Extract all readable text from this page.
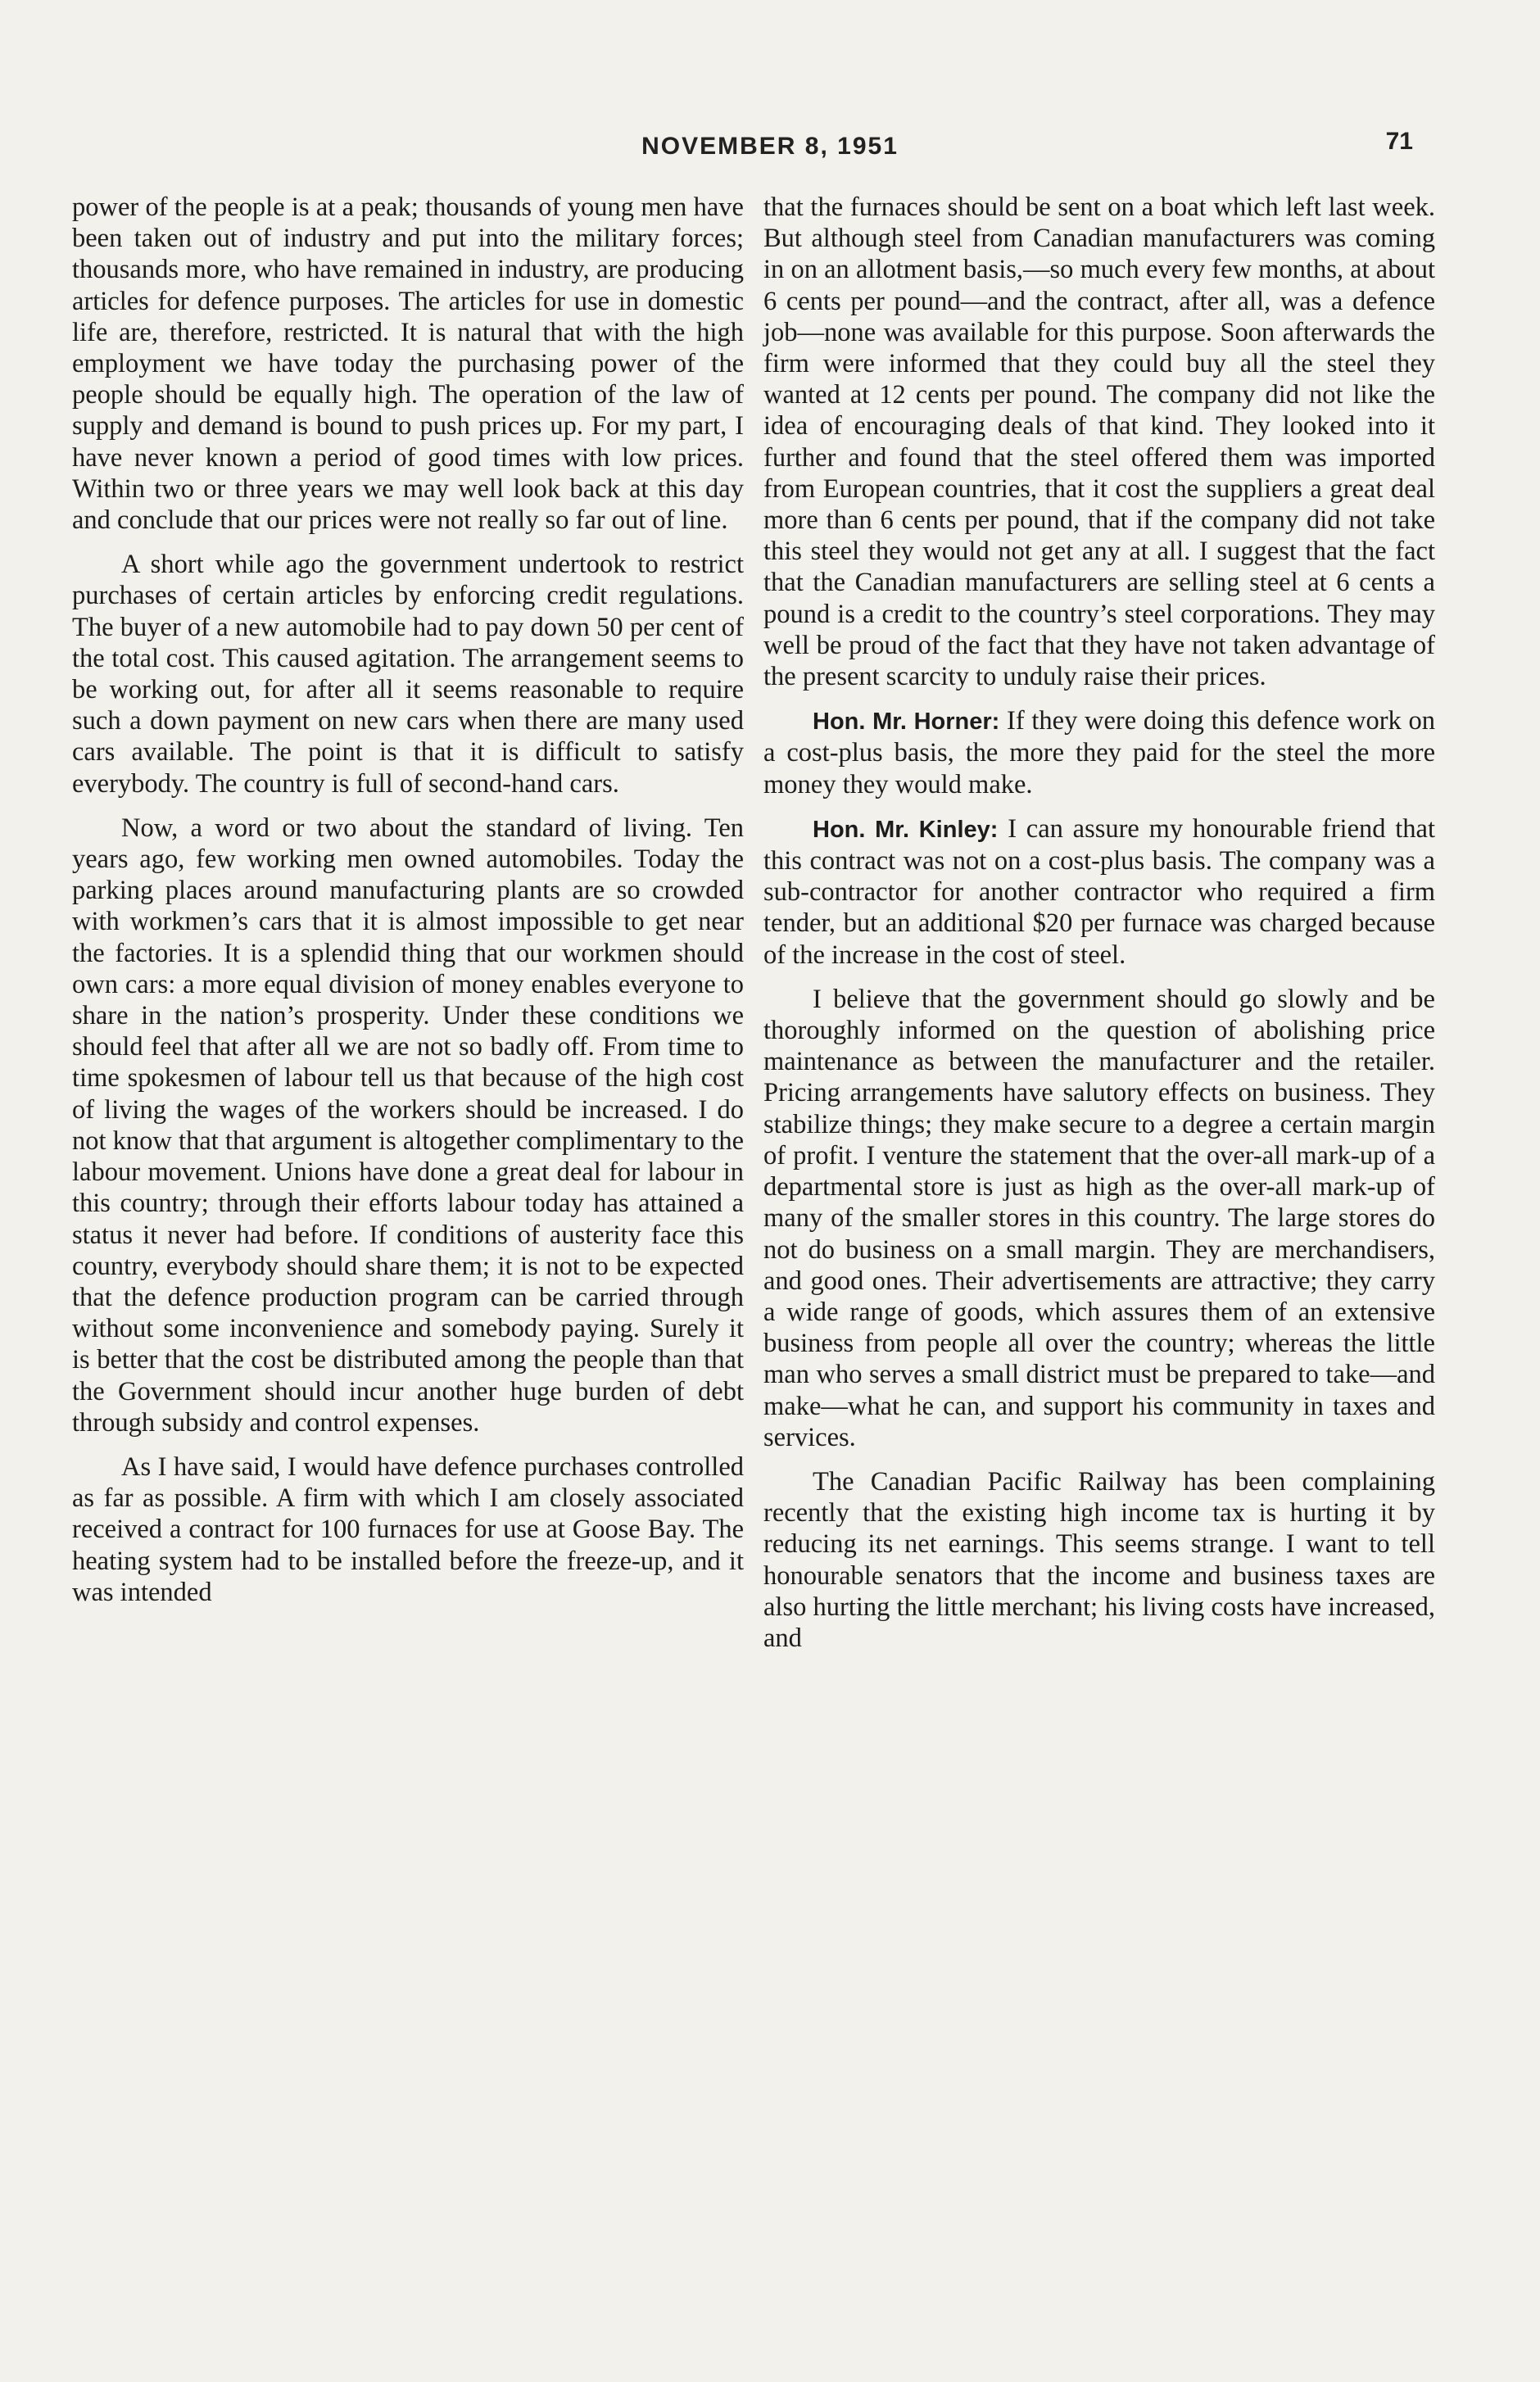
NOVEMBER 8, 1951	71

power of the people is at a peak; thousands of young men have been taken out of industry and put into the military forces; thousands more, who have remained in industry, are producing articles for defence purposes. The articles for use in domestic life are, therefore, restricted. It is natural that with the high employment we have today the purchasing power of the people should be equally high. The operation of the law of supply and demand is bound to push prices up. For my part, I have never known a period of good times with low prices. Within two or three years we may well look back at this day and conclude that our prices were not really so far out of line.

A short while ago the government undertook to restrict purchases of certain articles by enforcing credit regulations. The buyer of a new automobile had to pay down 50 per cent of the total cost. This caused agitation. The arrangement seems to be working out, for after all it seems reasonable to require such a down payment on new cars when there are many used cars available. The point is that it is difficult to satisfy everybody. The country is full of second-hand cars.

Now, a word or two about the standard of living. Ten years ago, few working men owned automobiles. Today the parking places around manufacturing plants are so crowded with workmen’s cars that it is almost impossible to get near the factories. It is a splendid thing that our workmen should own cars: a more equal division of money enables everyone to share in the nation’s prosperity. Under these conditions we should feel that after all we are not so badly off. From time to time spokesmen of labour tell us that because of the high cost of living the wages of the workers should be increased. I do not know that that argument is altogether complimentary to the labour movement. Unions have done a great deal for labour in this country; through their efforts labour today has attained a status it never had before. If conditions of austerity face this country, everybody should share them; it is not to be expected that the defence production program can be carried through without some inconvenience and somebody paying. Surely it is better that the cost be distributed among the people than that the Government should incur another huge burden of debt through subsidy and control expenses.

As I have said, I would have defence purchases controlled as far as possible. A firm with which I am closely associated received a contract for 100 furnaces for use at Goose Bay. The heating system had to be installed before the freeze-up, and it was intended

that the furnaces should be sent on a boat which left last week. But although steel from Canadian manufacturers was coming in on an allotment basis,—so much every few months, at about 6 cents per pound—and the contract, after all, was a defence job—none was available for this purpose. Soon afterwards the firm were informed that they could buy all the steel they wanted at 12 cents per pound. The company did not like the idea of encouraging deals of that kind. They looked into it further and found that the steel offered them was imported from European countries, that it cost the suppliers a great deal more than 6 cents per pound, that if the company did not take this steel they would not get any at all. I suggest that the fact that the Canadian manufacturers are selling steel at 6 cents a pound is a credit to the country’s steel corporations. They may well be proud of the fact that they have not taken advantage of the present scarcity to unduly raise their prices.

Hon. Mr. Horner: If they were doing this defence work on a cost-plus basis, the more they paid for the steel the more money they would make.

Hon. Mr. Kinley: I can assure my honourable friend that this contract was not on a cost-plus basis. The company was a sub-contractor for another contractor who required a firm tender, but an additional $20 per furnace was charged because of the increase in the cost of steel.

I believe that the government should go slowly and be thoroughly informed on the question of abolishing price maintenance as between the manufacturer and the retailer. Pricing arrangements have salutory effects on business. They stabilize things; they make secure to a degree a certain margin of profit. I venture the statement that the over-all mark-up of a departmental store is just as high as the over-all mark-up of many of the smaller stores in this country. The large stores do not do business on a small margin. They are merchandisers, and good ones. Their advertisements are attractive; they carry a wide range of goods, which assures them of an extensive business from people all over the country; whereas the little man who serves a small district must be prepared to take—and make—what he can, and support his community in taxes and services.

The Canadian Pacific Railway has been complaining recently that the existing high income tax is hurting it by reducing its net earnings. This seems strange. I want to tell honourable senators that the income and business taxes are also hurting the little merchant; his living costs have increased, and
